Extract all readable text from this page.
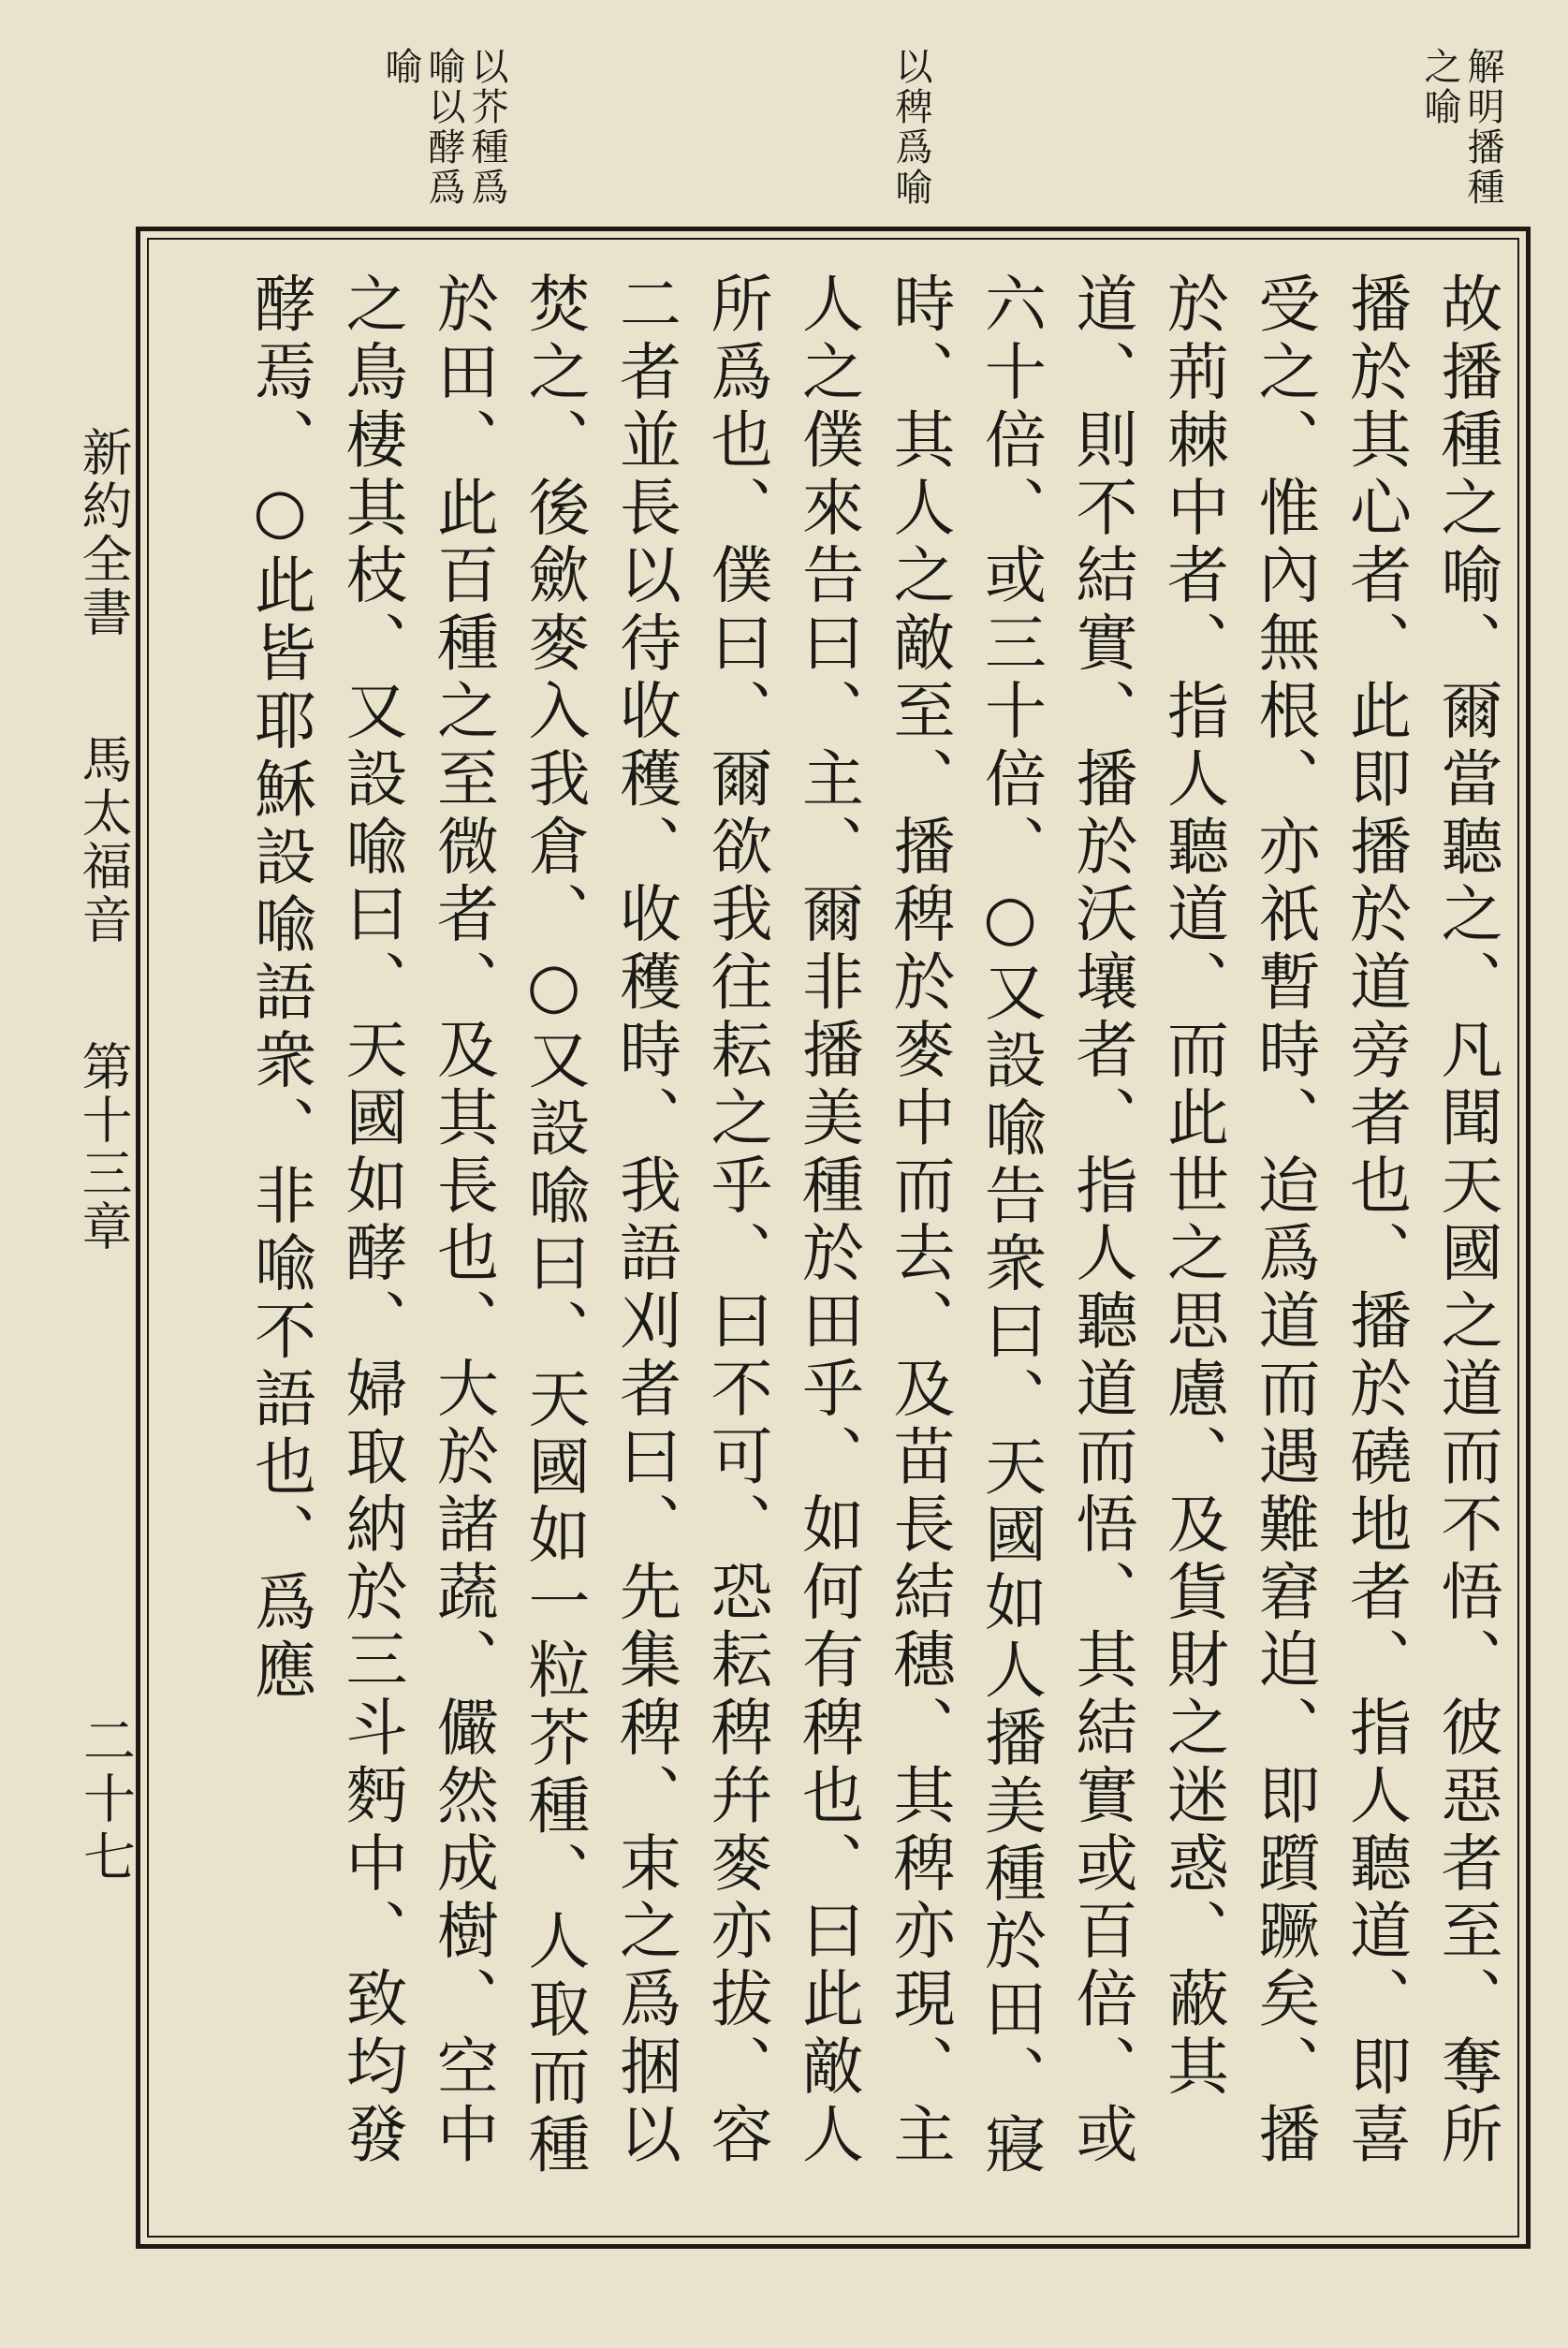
解明播種之喻
以稗爲喻
以芥種爲喻以酵爲喻
故播種之喻、爾當聽之、凡聞天國之道而不悟、彼惡者至、奪所播於其心者、此即播於道旁者也、播於磽地者、指人聽道、即喜受之、惟內無根、亦祇暫時、迨爲道而遇難窘迫、即躓蹶矣、播於荊棘中者、指人聽道、而此世之思慮、及貨財之迷惑、蔽其道、則不結實、播於沃壤者、指人聽道而悟、其結實或百倍、或六十倍、或三十倍、○又設喩告衆曰、天國如人播美種於田、寢時、其人之敵至、播稗於麥中而去、及苗長結穗、其稗亦現、主人之僕來告曰、主、爾非播美種於田乎、如何有稗也、曰此敵人所爲也、僕曰、爾欲我往耘之乎、曰不可、恐耘稗幷麥亦拔、容二者並長以待收穫、收穫時、我語刈者曰、先集稗、束之爲捆以焚之、後歛麥入我倉、○又設喩曰、天國如一粒芥種、人取而種於田、此百種之至微者、及其長也、大於諸蔬、儼然成樹、空中之鳥棲其枝、又設喩曰、天國如酵、婦取納於三斗麪中、致均發酵焉、○此皆耶穌設喩語衆、非喩不語也、爲應
新約全書 馬太福音 第十三章
二十七
